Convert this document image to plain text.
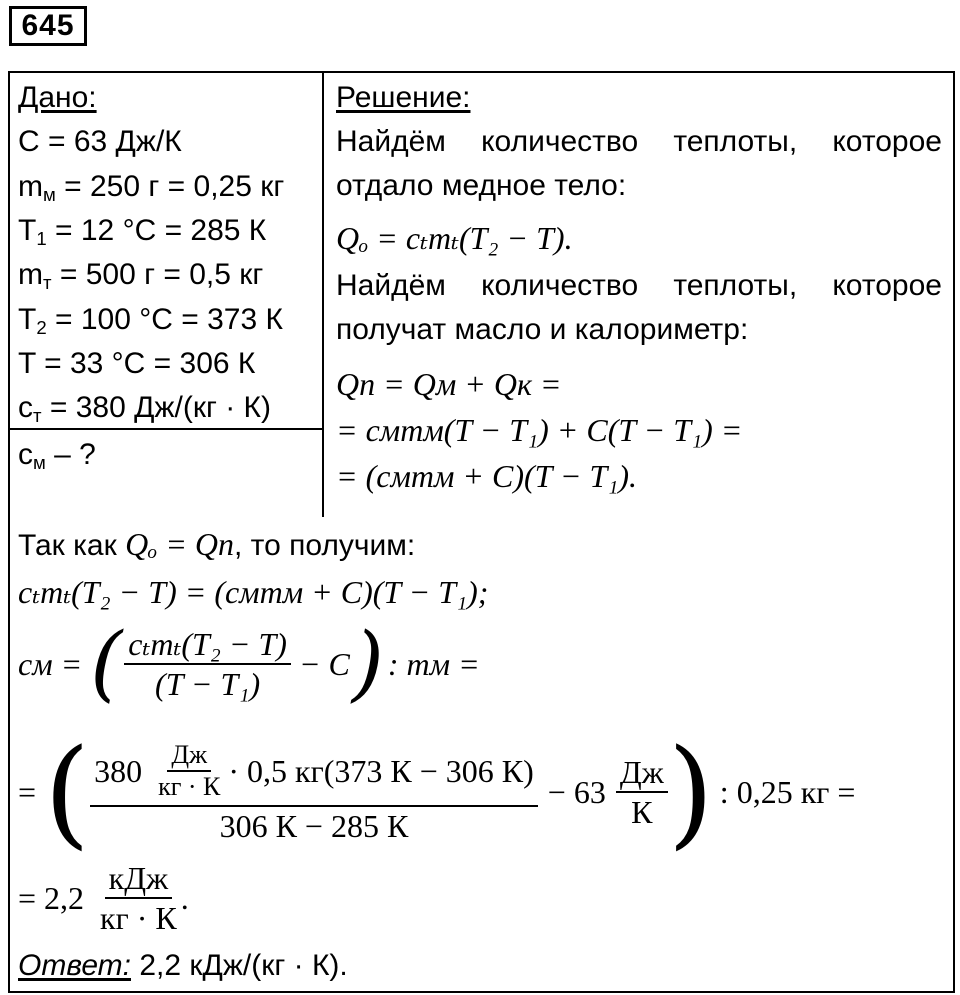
645
Дано:
C = 63 Дж/К
mм = 250 г = 0,25 кг
T1 = 12 °C = 285 К
mт = 500 г = 0,5 кг
T2 = 100 °C = 373 К
T = 33 °C = 306 К
cт = 380 Дж/(кг · К)
cм – ?
Решение:
Найдём количество теплоты, которое
отдало медное тело:
Qₒ = cₜmₜ(T₂ − T).
Найдём количество теплоты, которое
получат масло и калориметр:
Qп = Qм + Qк =
= cмmм(T − T₁) + C(T − T₁) =
= (cмmм + C)(T − T₁).
Так как Qₒ = Qп, то получим:
cₜmₜ(T₂ − T) = (cмmм + C)(T − T₁);
cм = ( $\frac{\text{cₜmₜ(T₂ − T)}}{\text{(T − T₁)}} - C$ ) : mм =
= ( $380 \frac{Дж}{кг \cdot К} \cdot 0,5$ кг(373 К − 306 К)
306 К − 285 К
− $63 \frac{Дж}{К}$ ) : 0,25 кг =
= $2,2 \frac{\text{кДж}}{кг \cdot К}$ .
Ответ: 2,2 кДж/(кг · К).
